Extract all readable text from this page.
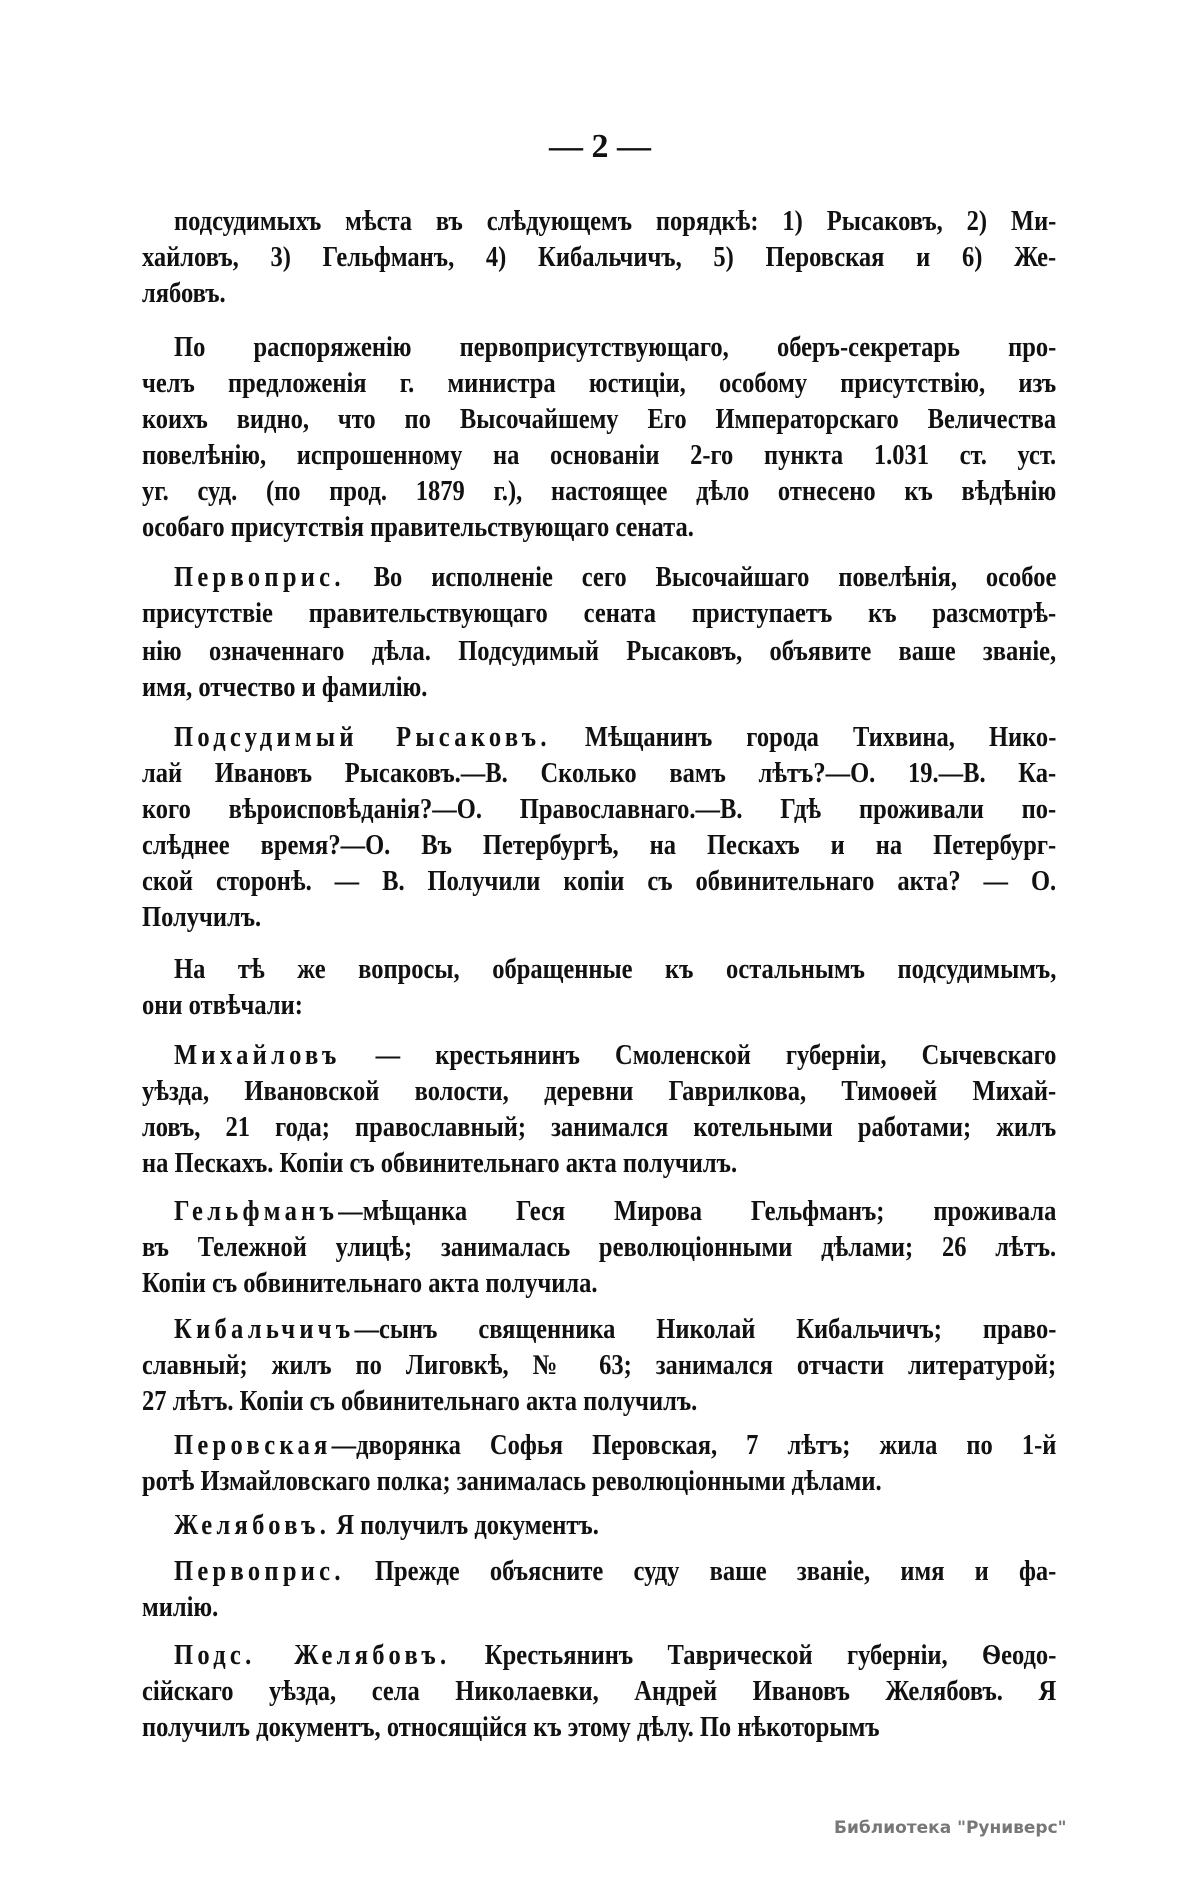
— 2 —
подсудимыхъ мѣста въ слѣдующемъ порядкѣ: 1) Рысаковъ, 2) Ми-
хайловъ, 3) Гельфманъ, 4) Кибальчичъ, 5) Перовская и 6) Же-
лябовъ.
По распоряженію первоприсутствующаго, оберъ-секретарь про-
челъ предложенія г. министра юстиціи, особому присутствію, изъ
коихъ видно, что по Высочайшему Его Императорскаго Величества
повелѣнію, испрошенному на основаніи 2-го пункта 1.031 ст. уст.
уг. суд. (по прод. 1879 г.), настоящее дѣло отнесено къ вѣдѣнію
особаго присутствія правительствующаго сената.
Первоприс. Во исполненіе сего Высочайшаго повелѣнія, особое
присутствіе правительствующаго сената приступаетъ къ разсмотрѣ-
нію означеннаго дѣла. Подсудимый Рысаковъ, объявите ваше званіе,
имя, отчество и фамилію.
Подсудимый Рысаковъ. Мѣщанинъ города Тихвина, Нико-
лай Ивановъ Рысаковъ.—В. Сколько вамъ лѣтъ?—О. 19.—В. Ка-
кого вѣроисповѣданія?—О. Православнаго.—В. Гдѣ проживали по-
слѣднее время?—О. Въ Петербургѣ, на Пескахъ и на Петербург-
ской сторонѣ. — В. Получили копіи съ обвинительнаго акта? — О.
Получилъ.
На тѣ же вопросы, обращенные къ остальнымъ подсудимымъ,
они отвѣчали:
Михайловъ — крестьянинъ Смоленской губерніи, Сычевскаго
уѣзда, Ивановской волости, деревни Гаврилкова, Тимоѳей Михай-
ловъ, 21 года; православный; занимался котельными работами; жилъ
на Пескахъ. Копіи съ обвинительнаго акта получилъ.
Гельфманъ—мѣщанка Геся Мирова Гельфманъ; проживала
въ Тележной улицѣ; занималась революціонными дѣлами; 26 лѣтъ.
Копіи съ обвинительнаго акта получила.
Кибальчичъ—сынъ священника Николай Кибальчичъ; право-
славный; жилъ по Лиговкѣ, № 63; занимался отчасти литературой;
27 лѣтъ. Копіи съ обвинительнаго акта получилъ.
Перовская—дворянка Софья Перовская, 7 лѣтъ; жила по 1-й
ротѣ Измайловскаго полка; занималась революціонными дѣлами.
Желябовъ. Я получилъ документъ.
Первоприс. Прежде объясните суду ваше званіе, имя и фа-
милію.
Подс. Желябовъ. Крестьянинъ Таврической губерніи, Ѳеодо-
сійскаго уѣзда, села Николаевки, Андрей Ивановъ Желябовъ. Я
получилъ документъ, относящійся къ этому дѣлу. По нѣкоторымъ
Библиотека "Руниверс"
